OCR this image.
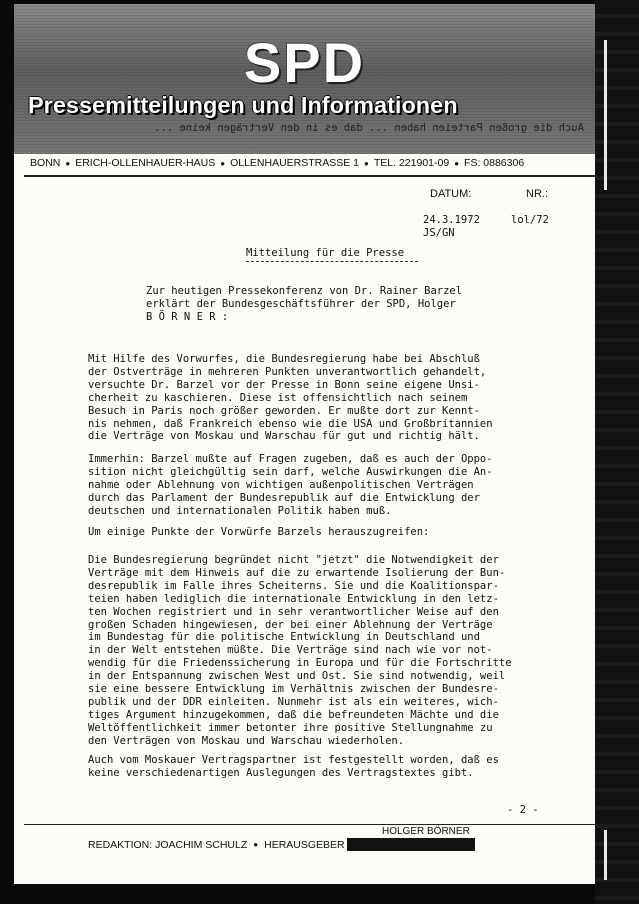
SPD
Pressemitteilungen und Informationen
Auch die großen Parteien haben ... dab es in den Verträgen keine ...
BONN ● ERICH-OLLENHAUER-HAUS ● OLLENHAUERSTRASSE 1 ● TEL. 221901-09 ● FS: 0886306
DATUM:	NR.:
24.3.1972
JS/GN
lol/72
Mitteilung für die Presse

Zur heutigen Pressekonferenz von Dr. Rainer Barzel
erklärt der Bundesgeschäftsführer der SPD, Holger
B Ö R N E R :

Mit Hilfe des Vorwurfes, die Bundesregierung habe bei Abschluß
der Ostverträge in mehreren Punkten unverantwortlich gehandelt,
versuchte Dr. Barzel vor der Presse in Bonn seine eigene Unsi-
cherheit zu kaschieren. Diese ist offensichtlich nach seinem
Besuch in Paris noch größer geworden. Er mußte dort zur Kennt-
nis nehmen, daß Frankreich ebenso wie die USA und Großbritannien
die Verträge von Moskau und Warschau für gut und richtig hält.

Immerhin: Barzel mußte auf Fragen zugeben, daß es auch der Oppo-
sition nicht gleichgültig sein darf, welche Auswirkungen die An-
nahme oder Ablehnung von wichtigen außenpolitischen Verträgen
durch das Parlament der Bundesrepublik auf die Entwicklung der
deutschen und internationalen Politik haben muß.

Um einige Punkte der Vorwürfe Barzels herauszugreifen:

Die Bundesregierung begründet nicht "jetzt" die Notwendigkeit der
Verträge mit dem Hinweis auf die zu erwartende Isolierung der Bun-
desrepublik im Falle ihres Scheiterns. Sie und die Koalitionspar-
teien haben lediglich die internationale Entwicklung in den letz-
ten Wochen registriert und in sehr verantwortlicher Weise auf den
großen Schaden hingewiesen, der bei einer Ablehnung der Verträge
im Bundestag für die politische Entwicklung in Deutschland und
in der Welt entstehen müßte. Die Verträge sind nach wie vor not-
wendig für die Friedenssicherung in Europa und für die Fortschritte
in der Entspannung zwischen West und Ost. Sie sind notwendig, weil
sie eine bessere Entwicklung im Verhältnis zwischen der Bundesre-
publik und der DDR einleiten. Nunmehr ist als ein weiteres, wich-
tiges Argument hinzugekommen, daß die befreundeten Mächte und die
Weltöffentlichkeit immer betonter ihre positive Stellungnahme zu
den Verträgen von Moskau und Warschau wiederholen.

Auch vom Moskauer Vertragspartner ist festgestellt worden, daß es
keine verschiedenartigen Auslegungen des Vertragstextes gibt.

- 2 -
HOLGER BÖRNER
REDAKTION: JOACHIM SCHULZ ● HERAUSGEBER
